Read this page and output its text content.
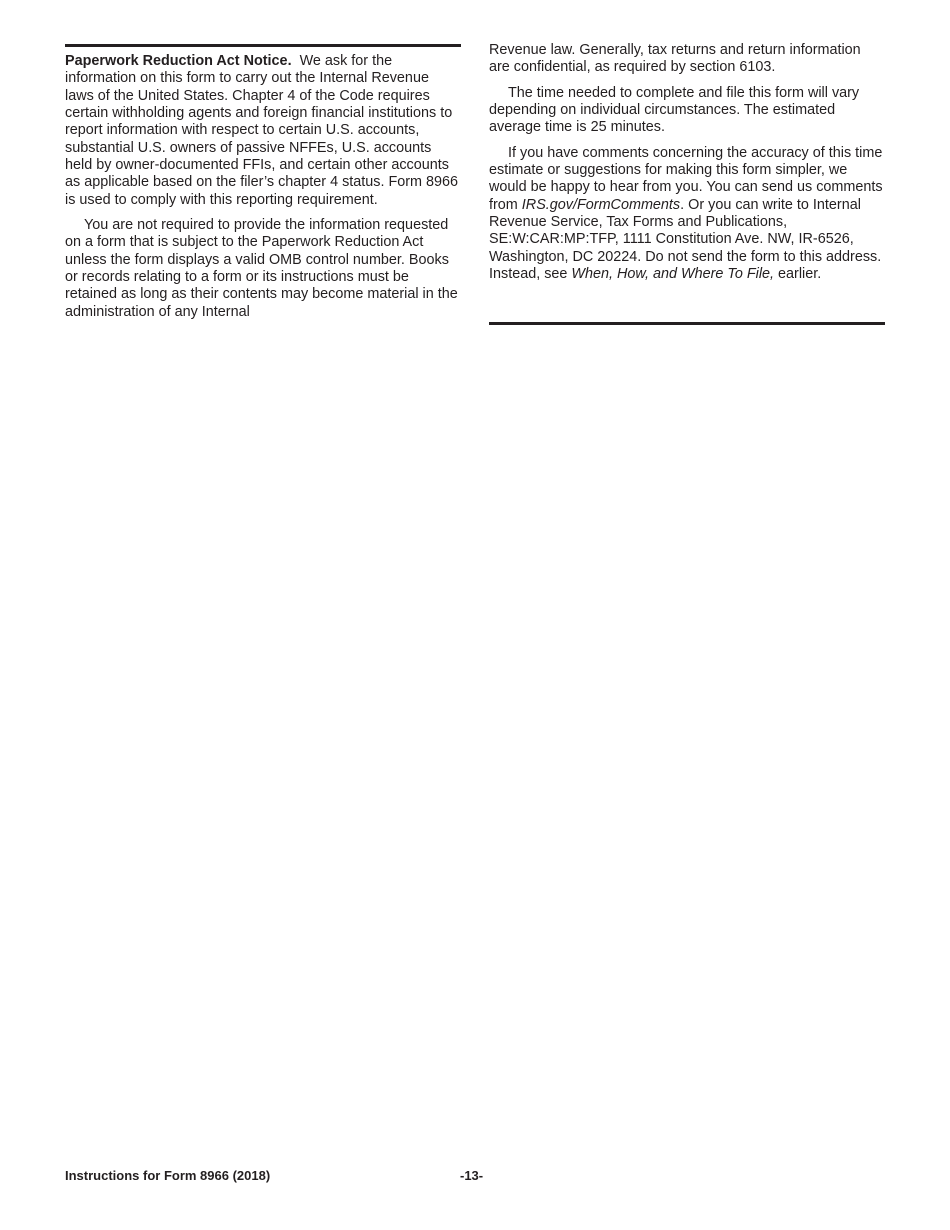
Paperwork Reduction Act Notice. We ask for the information on this form to carry out the Internal Revenue laws of the United States. Chapter 4 of the Code requires certain withholding agents and foreign financial institutions to report information with respect to certain U.S. accounts, substantial U.S. owners of passive NFFEs, U.S. accounts held by owner-documented FFIs, and certain other accounts as applicable based on the filer’s chapter 4 status. Form 8966 is used to comply with this reporting requirement.

You are not required to provide the information requested on a form that is subject to the Paperwork Reduction Act unless the form displays a valid OMB control number. Books or records relating to a form or its instructions must be retained as long as their contents may become material in the administration of any Internal

Revenue law. Generally, tax returns and return information are confidential, as required by section 6103.

The time needed to complete and file this form will vary depending on individual circumstances. The estimated average time is 25 minutes.

If you have comments concerning the accuracy of this time estimate or suggestions for making this form simpler, we would be happy to hear from you. You can send us comments from IRS.gov/FormComments. Or you can write to Internal Revenue Service, Tax Forms and Publications, SE:W:CAR:MP:TFP, 1111 Constitution Ave. NW, IR-6526, Washington, DC 20224. Do not send the form to this address. Instead, see When, How, and Where To File, earlier.

Instructions for Form 8966 (2018)	-13-
